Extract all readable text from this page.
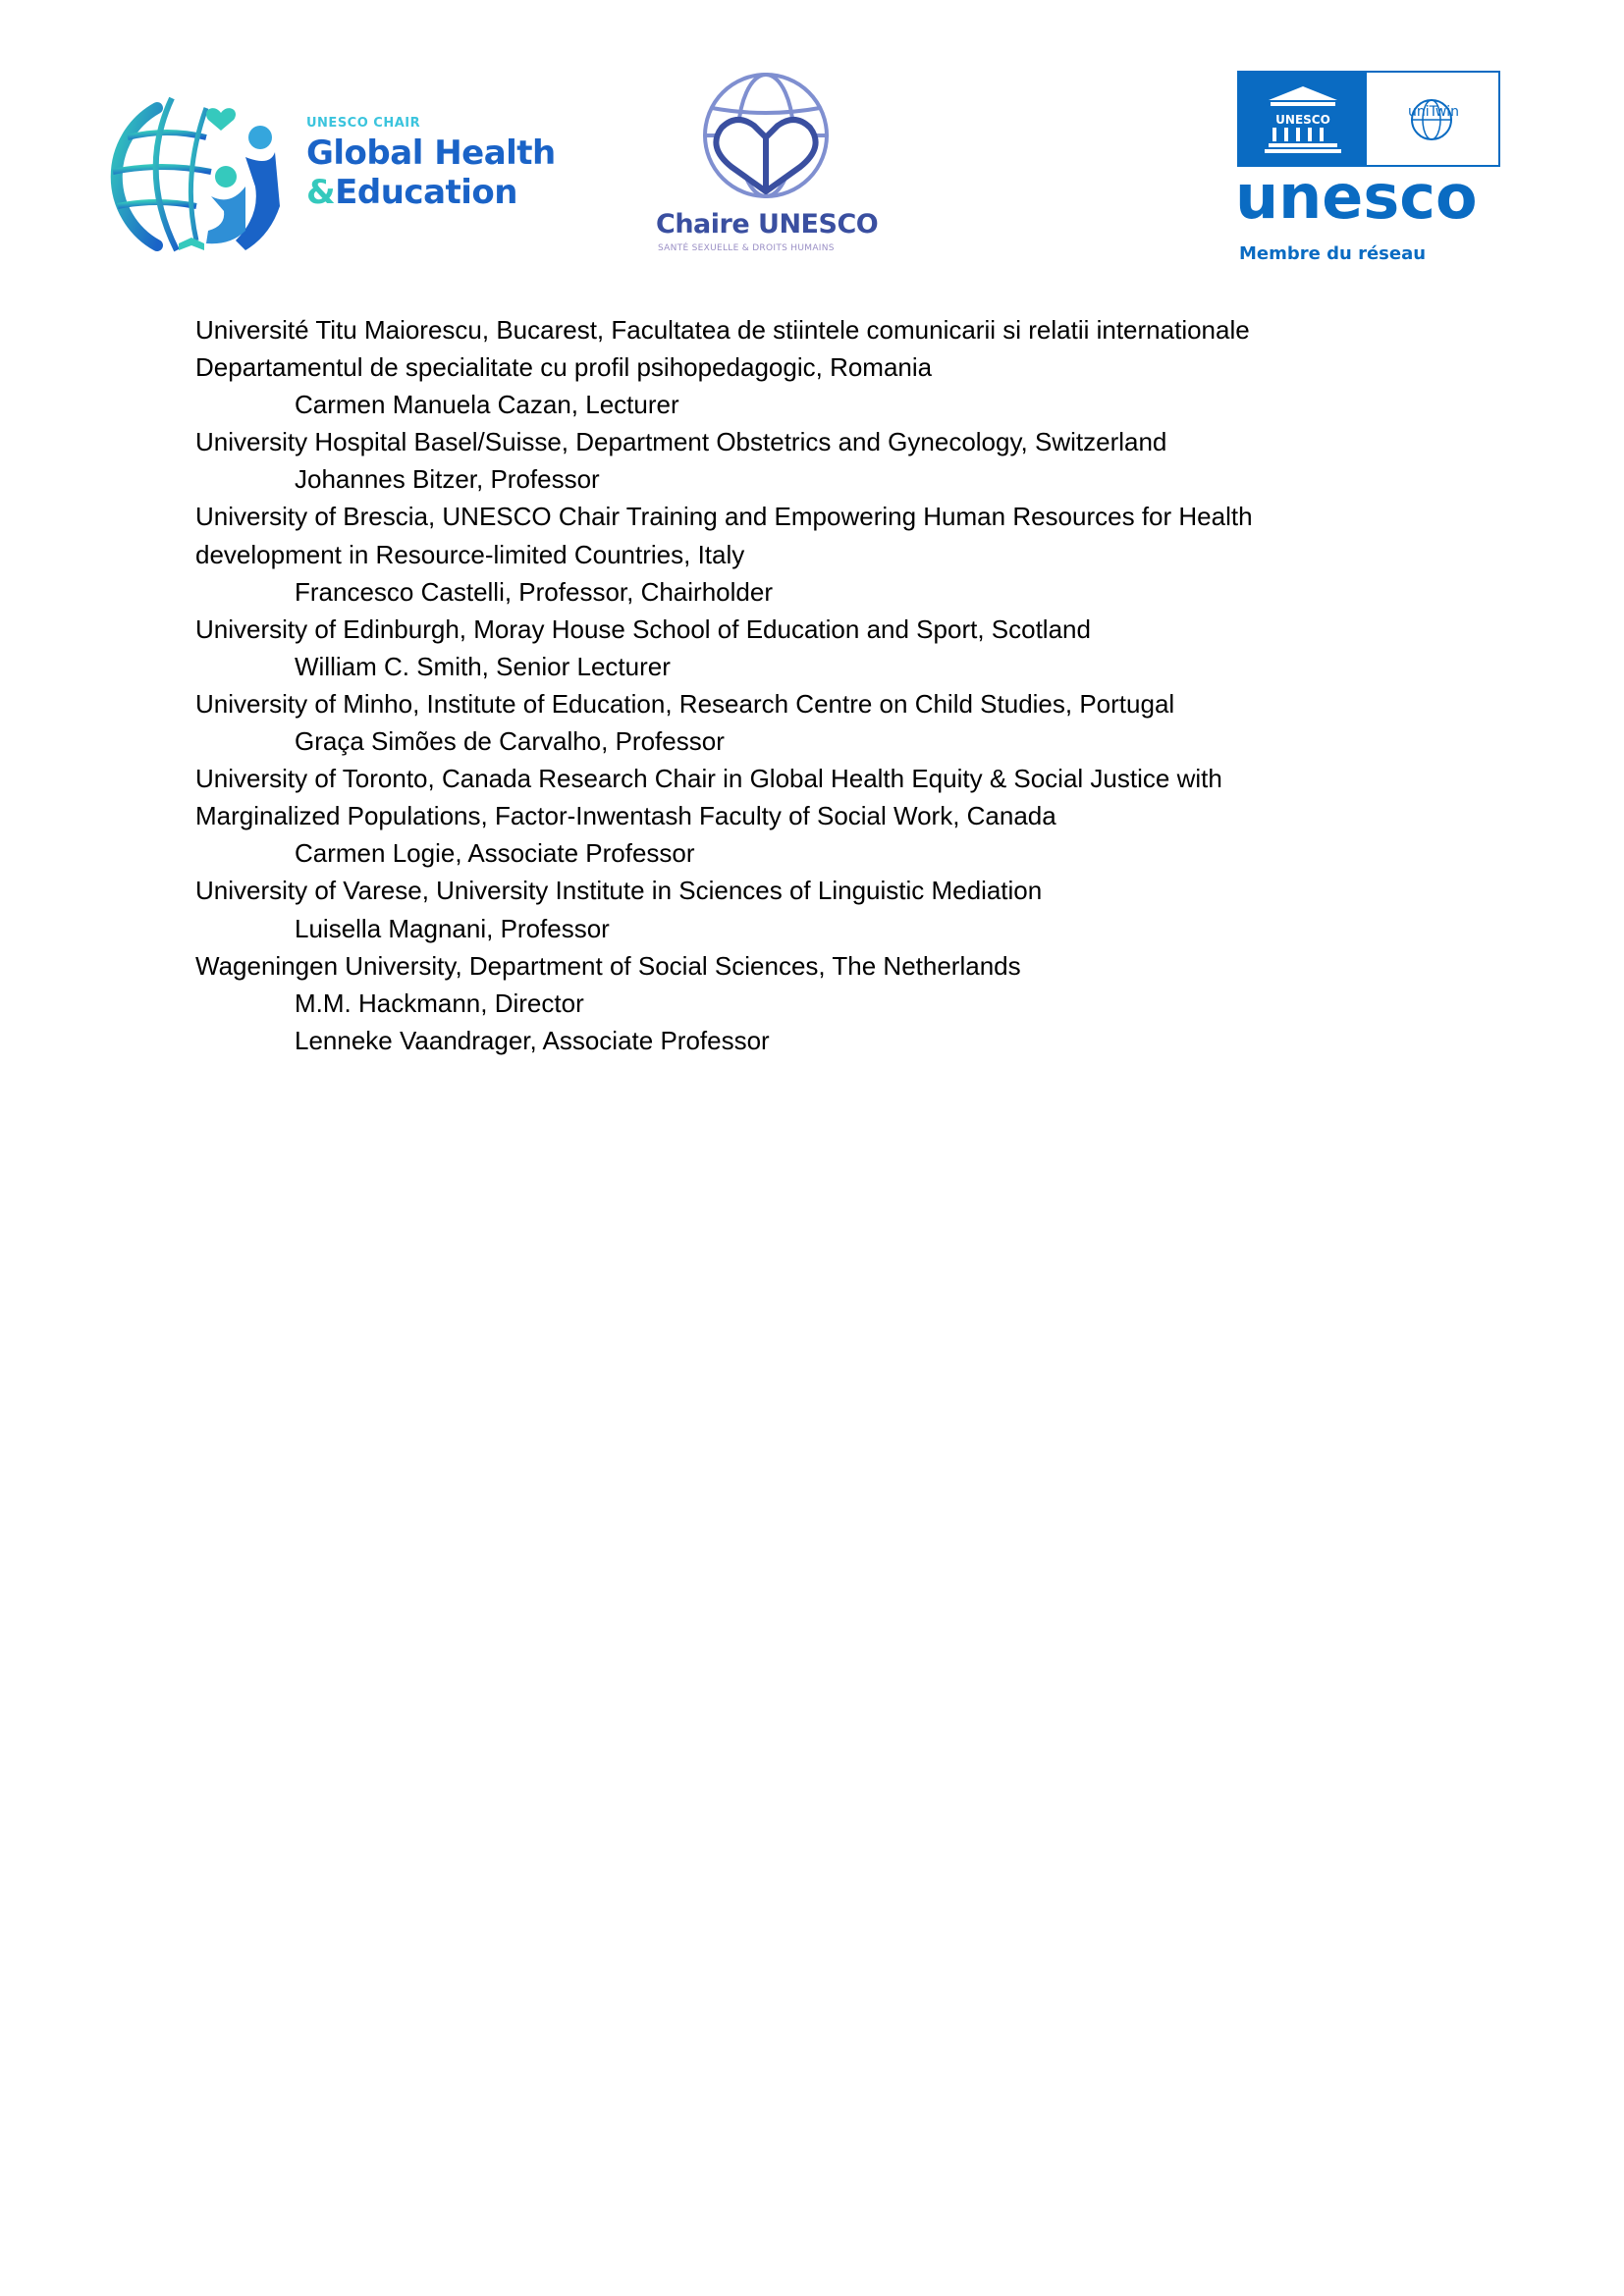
UNESCO CHAIR
Global Health
&Education
Chaire UNESCO
SANTÉ SEXUELLE & DROITS HUMAINS
UNESCO	uniTwin
unesco
Membre du réseau

Université Titu Maiorescu, Bucarest, Facultatea de stiintele comunicarii si relatii internationale
Departamentul de specialitate cu profil psihopedagogic, Romania

Carmen Manuela Cazan, Lecturer

University Hospital Basel/Suisse, Department Obstetrics and Gynecology, Switzerland

Johannes Bitzer, Professor

University of Brescia, UNESCO Chair Training and Empowering Human Resources for Health
development in Resource-limited Countries, Italy

Francesco Castelli, Professor, Chairholder

University of Edinburgh, Moray House School of Education and Sport, Scotland

William C. Smith, Senior Lecturer

University of Minho, Institute of Education, Research Centre on Child Studies, Portugal

Graça Simões de Carvalho, Professor

University of Toronto, Canada Research Chair in Global Health Equity & Social Justice with
Marginalized Populations, Factor-Inwentash Faculty of Social Work, Canada

Carmen Logie, Associate Professor

University of Varese, University Institute in Sciences of Linguistic Mediation

Luisella Magnani, Professor

Wageningen University, Department of Social Sciences, The Netherlands

M.M. Hackmann, Director

Lenneke Vaandrager, Associate Professor
